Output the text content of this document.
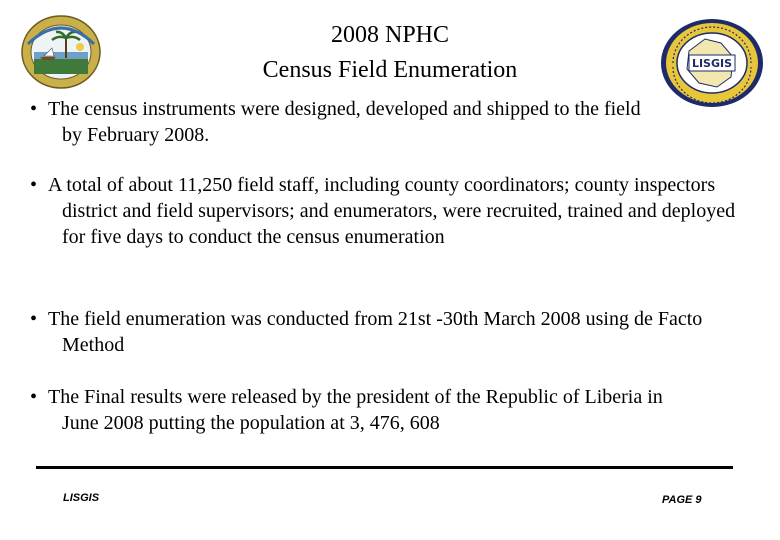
2008 NPHC
Census Field Enumeration	LISGIS
• The census instruments were designed, developed and shipped to the field by February 2008.
• A total of about 11,250 field staff, including county coordinators; county inspectors district and field supervisors; and enumerators, were recruited, trained and deployed for five days to conduct the census enumeration
• The field enumeration was conducted from 21st -30th March 2008 using de Facto Method
• The Final results were released by the president of the Republic of Liberia in June 2008 putting the population at 3, 476, 608
LISGIS	PAGE 9
